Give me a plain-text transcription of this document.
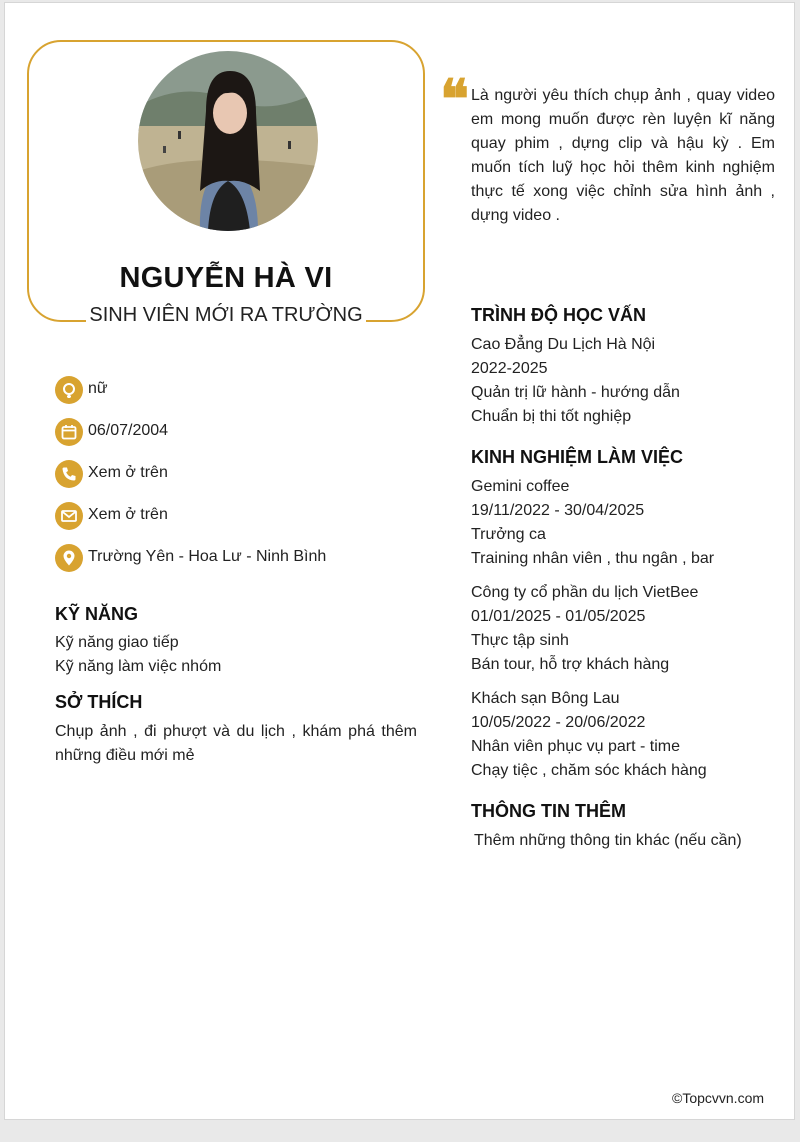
NGUYỄN HÀ VI
SINH VIÊN MỚI RA TRƯỜNG
❝ Là người yêu thích chụp ảnh , quay video em mong muốn được rèn luyện kĩ năng quay phim , dựng clip và hậu kỳ . Em muốn tích luỹ học hỏi thêm kinh nghiệm thực tế xong việc chỉnh sửa hình ảnh , dựng video .
nữ
06/07/2004
Xem ở trên
Xem ở trên
Trường Yên - Hoa Lư - Ninh Bình
KỸ NĂNG
Kỹ năng giao tiếp
Kỹ năng làm việc nhóm
SỞ THÍCH
Chụp ảnh , đi phượt và du lịch , khám phá thêm những điều mới mẻ
TRÌNH ĐỘ HỌC VẤN
Cao Đẳng Du Lịch Hà Nội
2022-2025
Quản trị lữ hành - hướng dẫn
Chuẩn bị thi tốt nghiệp
KINH NGHIỆM LÀM VIỆC
Gemini coffee
19/11/2022 - 30/04/2025
Trưởng ca
Training nhân viên , thu ngân , bar
Công ty cổ phần du lịch VietBee
01/01/2025 - 01/05/2025
Thực tập sinh
Bán tour, hỗ trợ khách hàng
Khách sạn Bông Lau
10/05/2022 - 20/06/2022
Nhân viên phục vụ part - time
Chạy tiệc , chăm sóc khách hàng
THÔNG TIN THÊM
Thêm những thông tin khác (nếu cần)
©Topcvvn.com
